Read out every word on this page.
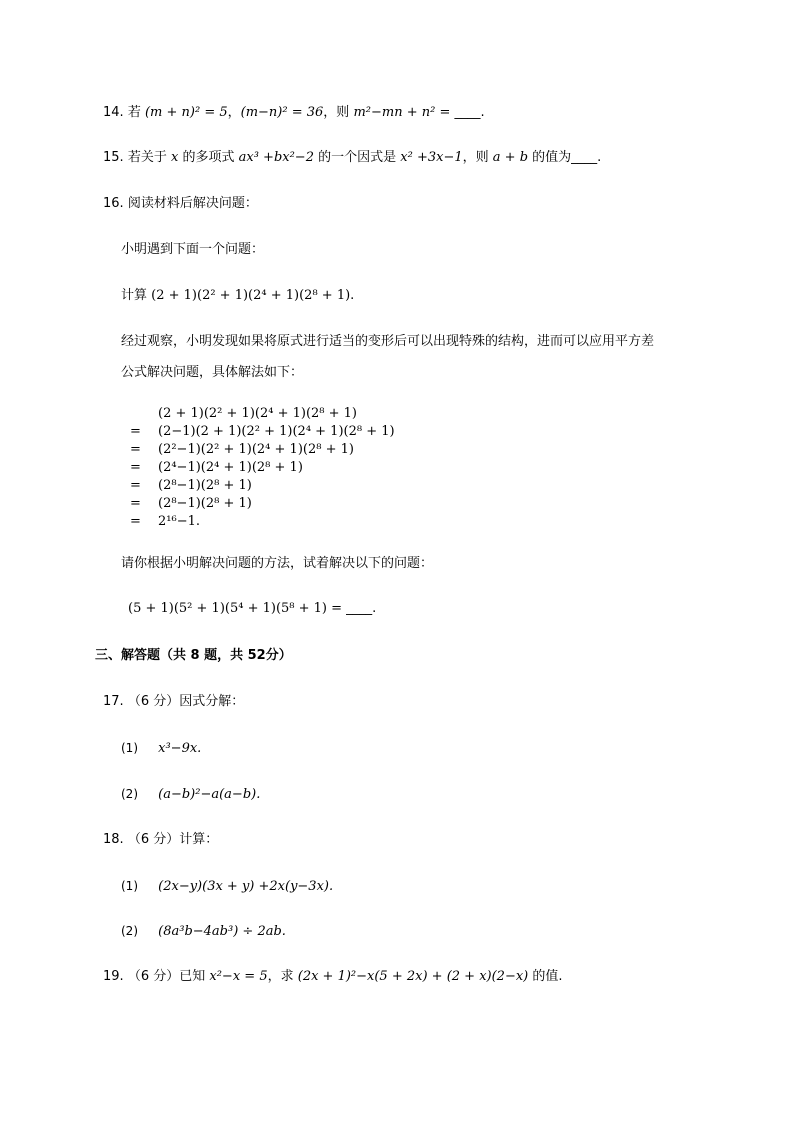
14. 若 (m + n)² = 5，(m−n)² = 36，则 m²−mn + n² = ____.
15. 若关于 x 的多项式 ax³ +bx²−2 的一个因式是 x² +3x−1，则 a + b 的值为____.
16. 阅读材料后解决问题：
小明遇到下面一个问题：
计算 (2 + 1)(2² + 1)(2⁴ + 1)(2⁸ + 1).
经过观察，小明发现如果将原式进行适当的变形后可以出现特殊的结构，进而可以应用平方差
公式解决问题，具体解法如下：
(2 + 1)(2² + 1)(2⁴ + 1)(2⁸ + 1)
=	(2−1)(2 + 1)(2² + 1)(2⁴ + 1)(2⁸ + 1)
=	(2²−1)(2² + 1)(2⁴ + 1)(2⁸ + 1)
=	(2⁴−1)(2⁴ + 1)(2⁸ + 1)
=	(2⁸−1)(2⁸ + 1)
=	(2⁸−1)(2⁸ + 1)
=	2¹⁶−1.
请你根据小明解决问题的方法，试着解决以下的问题：
(5 + 1)(5² + 1)(5⁴ + 1)(5⁸ + 1) = ____.
三、解答题（共 8 题，共 52分）
17. （6 分）因式分解：
(1) x³−9x.
(2) (a−b)²−a(a−b).
18. （6 分）计算：
(1) (2x−y)(3x + y) +2x(y−3x).
(2) (8a³b−4ab³) ÷ 2ab.
19. （6 分）已知 x²−x = 5，求 (2x + 1)²−x(5 + 2x) + (2 + x)(2−x) 的值.
